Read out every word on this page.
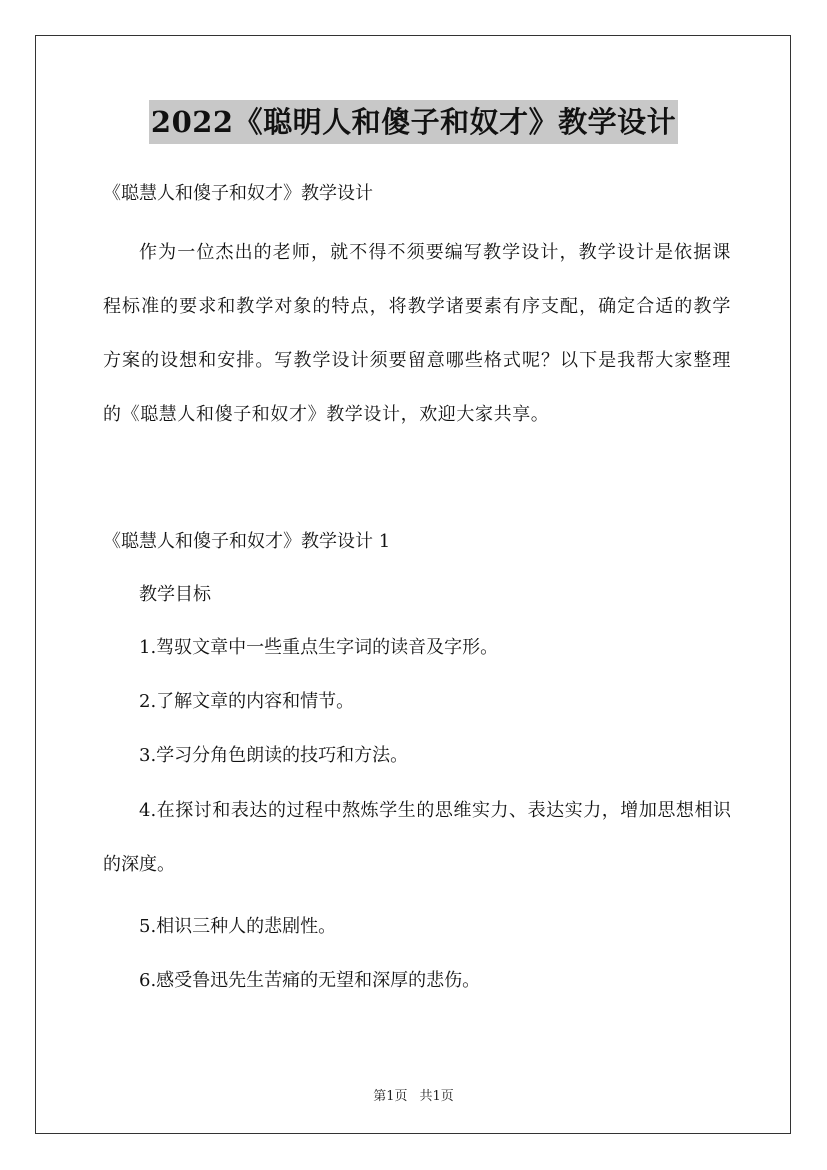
2022《聪明人和傻子和奴才》教学设计

《聪慧人和傻子和奴才》教学设计

作为一位杰出的老师，就不得不须要编写教学设计，教学设计是依据课程标准的要求和教学对象的特点，将教学诸要素有序支配，确定合适的教学方案的设想和安排。写教学设计须要留意哪些格式呢？以下是我帮大家整理的《聪慧人和傻子和奴才》教学设计，欢迎大家共享。

《聪慧人和傻子和奴才》教学设计 1

教学目标

1.驾驭文章中一些重点生字词的读音及字形。

2.了解文章的内容和情节。

3.学习分角色朗读的技巧和方法。

4.在探讨和表达的过程中熬炼学生的思维实力、表达实力，增加思想相识的深度。

5.相识三种人的悲剧性。

6.感受鲁迅先生苦痛的无望和深厚的悲伤。

第1页 共1页
